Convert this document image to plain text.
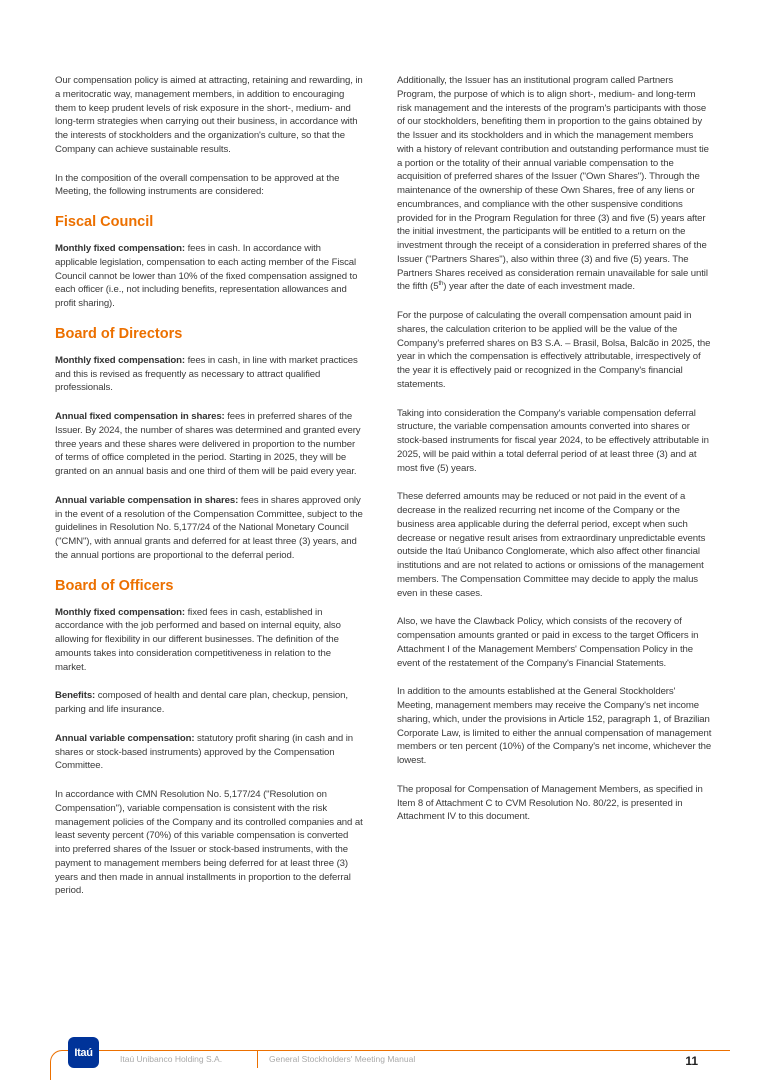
Our compensation policy is aimed at attracting, retaining and rewarding, in a meritocratic way, management members, in addition to encouraging them to keep prudent levels of risk exposure in the short-, medium- and long-term strategies when carrying out their business, in accordance with the interests of stockholders and the organization's culture, so that the Company can achieve sustainable results.

In the composition of the overall compensation to be approved at the Meeting, the following instruments are considered:

Fiscal Council

Monthly fixed compensation: fees in cash. In accordance with applicable legislation, compensation to each acting member of the Fiscal Council cannot be lower than 10% of the fixed compensation assigned to each officer (i.e., not including benefits, representation allowances and profit sharing).

Board of Directors

Monthly fixed compensation: fees in cash, in line with market practices and this is revised as frequently as necessary to attract qualified professionals.

Annual fixed compensation in shares: fees in preferred shares of the Issuer. By 2024, the number of shares was determined and granted every three years and these shares were delivered in proportion to the number of terms of office completed in the period. Starting in 2025, they will be granted on an annual basis and one third of them will be paid every year.

Annual variable compensation in shares: fees in shares approved only in the event of a resolution of the Compensation Committee, subject to the guidelines in Resolution No. 5,177/24 of the National Monetary Council ("CMN"), with annual grants and deferred for at least three (3) years, and the annual portions are proportional to the deferral period.

Board of Officers

Monthly fixed compensation: fixed fees in cash, established in accordance with the job performed and based on internal equity, also allowing for flexibility in our different businesses. The definition of the amounts takes into consideration competitiveness in relation to the market.

Benefits: composed of health and dental care plan, checkup, pension, parking and life insurance.

Annual variable compensation: statutory profit sharing (in cash and in shares or stock-based instruments) approved by the Compensation Committee.

In accordance with CMN Resolution No. 5,177/24 ("Resolution on Compensation"), variable compensation is consistent with the risk management policies of the Company and its controlled companies and at least seventy percent (70%) of this variable compensation is converted into preferred shares of the Issuer or stock-based instruments, with the payment to management members being deferred for at least three (3) years and then made in annual installments in proportion to the deferral period.

Additionally, the Issuer has an institutional program called Partners Program, the purpose of which is to align short-, medium- and long-term risk management and the interests of the program's participants with those of our stockholders, benefiting them in proportion to the gains obtained by the Issuer and its stockholders and in which the management members with a history of relevant contribution and outstanding performance must tie a portion or the totality of their annual variable compensation to the acquisition of preferred shares of the Issuer ("Own Shares"). Through the maintenance of the ownership of these Own Shares, free of any liens or encumbrances, and compliance with the other suspensive conditions provided for in the Program Regulation for three (3) and five (5) years after the initial investment, the participants will be entitled to a return on the investment through the receipt of a consideration in preferred shares of the Issuer ("Partners Shares"), also within three (3) and five (5) years. The Partners Shares received as consideration remain unavailable for sale until the fifth (5th) year after the date of each investment made.

For the purpose of calculating the overall compensation amount paid in shares, the calculation criterion to be applied will be the value of the Company's preferred shares on B3 S.A. – Brasil, Bolsa, Balcão in 2025, the year in which the compensation is effectively attributable, irrespectively of the year it is effectively paid or recognized in the Company's financial statements.

Taking into consideration the Company's variable compensation deferral structure, the variable compensation amounts converted into shares or stock-based instruments for fiscal year 2024, to be effectively attributable in 2025, will be paid within a total deferral period of at least three (3) and at most five (5) years.

These deferred amounts may be reduced or not paid in the event of a decrease in the realized recurring net income of the Company or the business area applicable during the deferral period, except when such decrease or negative result arises from extraordinary unpredictable events outside the Itaú Unibanco Conglomerate, which also affect other financial institutions and are not related to actions or omissions of the management members. The Compensation Committee may decide to apply the malus even in these cases.

Also, we have the Clawback Policy, which consists of the recovery of compensation amounts granted or paid in excess to the target Officers in Attachment I of the Management Members' Compensation Policy in the event of the restatement of the Company's Financial Statements.

In addition to the amounts established at the General Stockholders' Meeting, management members may receive the Company's net income sharing, which, under the provisions in Article 152, paragraph 1, of Brazilian Corporate Law, is limited to either the annual compensation of management members or ten percent (10%) of the Company's net income, whichever the lowest.

The proposal for Compensation of Management Members, as specified in Item 8 of Attachment C to CVM Resolution No. 80/22, is presented in Attachment IV to this document.

Itaú
Itaú Unibanco Holding S.A.	General Stockholders' Meeting Manual	11
